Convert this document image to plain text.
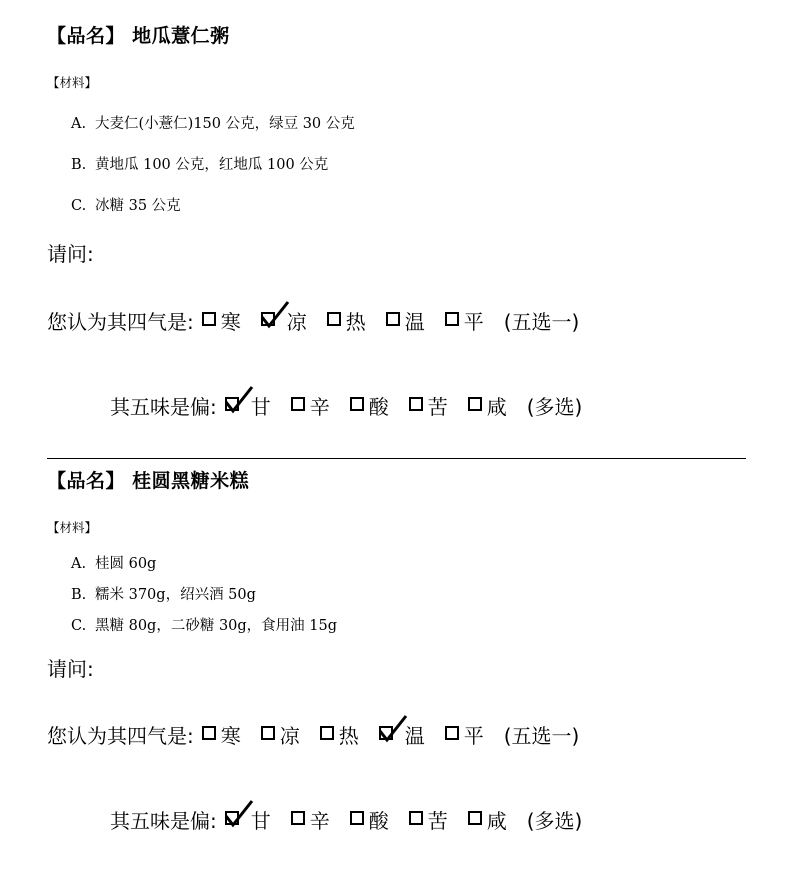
【品名】 地瓜薏仁粥
【材料】
A. 大麦仁(小薏仁)150 公克，绿豆 30 公克
B. 黄地瓜 100 公克，红地瓜 100 公克
C. 冰糖 35 公克
请问:
您认为其四气是:	寒	凉	热	温	平 (五选一)
其五味是偏:	甘	辛	酸	苦	咸 (多选)
【品名】 桂圆黑糖米糕
【材料】
A. 桂圆 60g
B. 糯米 370g，绍兴酒 50g
C. 黑糖 80g，二砂糖 30g，食用油 15g
请问:
您认为其四气是:	寒	凉	热	温	平 (五选一)
其五味是偏:	甘	辛	酸	苦	咸 (多选)
